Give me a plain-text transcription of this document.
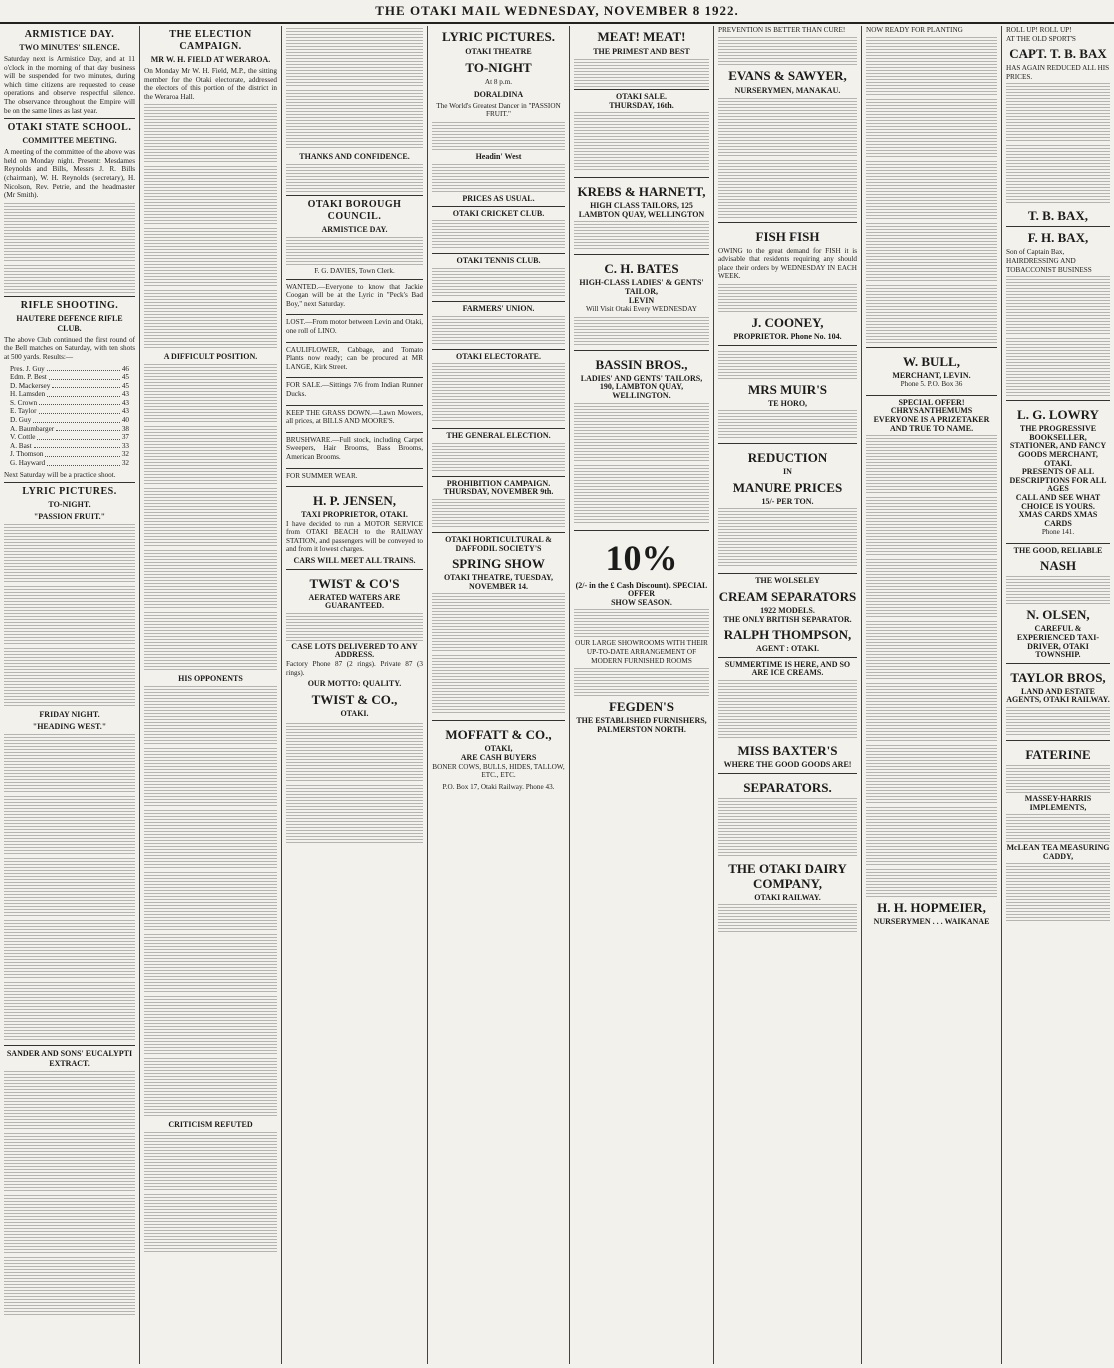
THE OTAKI MAIL WEDNESDAY, NOVEMBER 8 1922.
ARMISTICE DAY.
TWO MINUTES' SILENCE.

Saturday next is Armistice Day, and at 11 o'clock in the morning of that day business will be suspended for two minutes, during which time citizens are requested to cease operations and observe respectful silence. The observance throughout the Empire will be on the same lines as last year.

OTAKI STATE SCHOOL.
COMMITTEE MEETING.

A meeting of the committee of the above was held on Monday night. Present: Mesdames Reynolds and Bills, Messrs J. R. Bills (chairman), W. H. Reynolds (secretary), H. Nicolson, Rev. Petrie, and the headmaster (Mr Smith).

RIFLE SHOOTING.
HAUTERE DEFENCE RIFLE CLUB.

The above Club continued the first round of the Bell matches on Saturday, with ten shots at 500 yards. Results:—

Pres. J. Guy	46
Edm. P. Best	45
D. Mackersey	45
H. Lamsden	43
S. Crown	43
E. Taylor	43
D. Guy	40
A. Baumbarger	38
V. Cottle	37
A. Bast	33
J. Thomson	32
G. Hayward	32

Next Saturday will be a practice shoot.

LYRIC PICTURES.
TO-NIGHT.
"PASSION FRUIT."
FRIDAY NIGHT.
"HEADING WEST."
SANDER AND SONS' EUCALYPTI EXTRACT.
THE ELECTION CAMPAIGN.
MR W. H. FIELD AT WERAROA.

On Monday Mr W. H. Field, M.P., the sitting member for the Otaki electorate, addressed the electors of this portion of the district in the Weraroa Hall.

A DIFFICULT POSITION.
HIS OPPONENTS
CRITICISM REFUTED
THANKS AND CONFIDENCE.
OTAKI BOROUGH COUNCIL.
ARMISTICE DAY.

F. G. DAVIES, Town Clerk.

WANTED.—Everyone to know that Jackie Coogan will be at the Lyric in "Peck's Bad Boy," next Saturday.

LOST.—From motor between Levin and Otaki, one roll of LINO.

CAULIFLOWER, Cabbage, and Tomato Plants now ready; can be procured at MR LANGE, Kirk Street.

FOR SALE.—Sittings 7/6 from Indian Runner Ducks.

KEEP THE GRASS DOWN.—Lawn Mowers, all prices, at BILLS AND MOORE'S.

BRUSHWARE.—Full stock, including Carpet Sweepers, Hair Brooms, Bass Brooms, American Brooms.

FOR SUMMER WEAR.

H. P. JENSEN,
TAXI PROPRIETOR, OTAKI.

I have decided to run a MOTOR SERVICE from OTAKI BEACH to the RAILWAY STATION, and passengers will be conveyed to and from it lowest charges.

CARS WILL MEET ALL TRAINS.
TWIST & CO'S
AERATED WATERS ARE GUARANTEED.
CASE LOTS DELIVERED TO ANY ADDRESS.

Factory Phone 87 (2 rings). Private 87 (3 rings).

OUR MOTTO: QUALITY.
TWIST & CO.,
OTAKI.
LYRIC PICTURES.
OTAKI THEATRE
TO-NIGHT

At 8 p.m.

DORALDINA

The World's Greatest Dancer in "PASSION FRUIT."

Headin' West
PRICES AS USUAL.
OTAKI CRICKET CLUB.
OTAKI TENNIS CLUB.
FARMERS' UNION.
OTAKI ELECTORATE.
THE GENERAL ELECTION.
PROHIBITION CAMPAIGN.
THURSDAY, NOVEMBER 9th.
OTAKI HORTICULTURAL & DAFFODIL SOCIETY'S
SPRING SHOW
OTAKI THEATRE, TUESDAY, NOVEMBER 14.
MOFFATT & CO.,
OTAKI,
ARE CASH BUYERS

BONER COWS, BULLS, HIDES, TALLOW, ETC., ETC.

P.O. Box 17, Otaki Railway. Phone 43.

MEAT! MEAT!
THE PRIMEST AND BEST
OTAKI SALE.
THURSDAY, 16th.
KREBS & HARNETT,
HIGH CLASS TAILORS, 125 LAMBTON QUAY, WELLINGTON
C. H. BATES
HIGH-CLASS LADIES' & GENTS' TAILOR,
LEVIN

Will Visit Otaki Every WEDNESDAY

BASSIN BROS.,
LADIES' AND GENTS' TAILORS, 190, LAMBTON QUAY, WELLINGTON.
10%
(2/- in the £ Cash Discount). SPECIAL OFFER
SHOW SEASON.

OUR LARGE SHOWROOMS WITH THEIR UP-TO-DATE ARRANGEMENT OF MODERN FURNISHED ROOMS

FEGDEN'S
THE ESTABLISHED FURNISHERS, PALMERSTON NORTH.
PREVENTION IS BETTER THAN CURE!
EVANS & SAWYER,
NURSERYMEN, MANAKAU.
FISH FISH

OWING to the great demand for FISH it is advisable that residents requiring any should place their orders by WEDNESDAY IN EACH WEEK.

J. COONEY,
PROPRIETOR. Phone No. 104.
MRS MUIR'S
TE HORO,
REDUCTION
IN
MANURE PRICES
15/- PER TON.
THE WOLSELEY
CREAM SEPARATORS
1922 MODELS.
THE ONLY BRITISH SEPARATOR.
RALPH THOMPSON,
AGENT : OTAKI.
SUMMERTIME IS HERE, AND SO ARE ICE CREAMS.
MISS BAXTER'S
WHERE THE GOOD GOODS ARE!
SEPARATORS.
THE OTAKI DAIRY COMPANY,
OTAKI RAILWAY.
NOW READY FOR PLANTING
W. BULL,
MERCHANT, LEVIN.

Phone 5. P.O. Box 36

SPECIAL OFFER!
CHRYSANTHEMUMS
EVERYONE IS A PRIZETAKER AND TRUE TO NAME.
H. H. HOPMEIER,
NURSERYMEN . . . WAIKANAE
ROLL UP! ROLL UP!
AT THE OLD SPORT'S
CAPT. T. B. BAX
HAS AGAIN REDUCED ALL HIS PRICES.
T. B. BAX,
F. H. BAX,
Son of Captain Bax, HAIRDRESSING AND TOBACCONIST BUSINESS
L. G. LOWRY
THE PROGRESSIVE BOOKSELLER, STATIONER, AND FANCY GOODS MERCHANT, OTAKI.
PRESENTS OF ALL DESCRIPTIONS FOR ALL AGES
CALL AND SEE WHAT CHOICE IS YOURS.
XMAS CARDS XMAS CARDS

Phone 141.

THE GOOD, RELIABLE
NASH
N. OLSEN,
CAREFUL & EXPERIENCED TAXI-DRIVER, OTAKI TOWNSHIP.
TAYLOR BROS,
LAND AND ESTATE AGENTS, OTAKI RAILWAY.
FATERINE
MASSEY-HARRIS IMPLEMENTS,
McLEAN TEA MEASURING CADDY,
